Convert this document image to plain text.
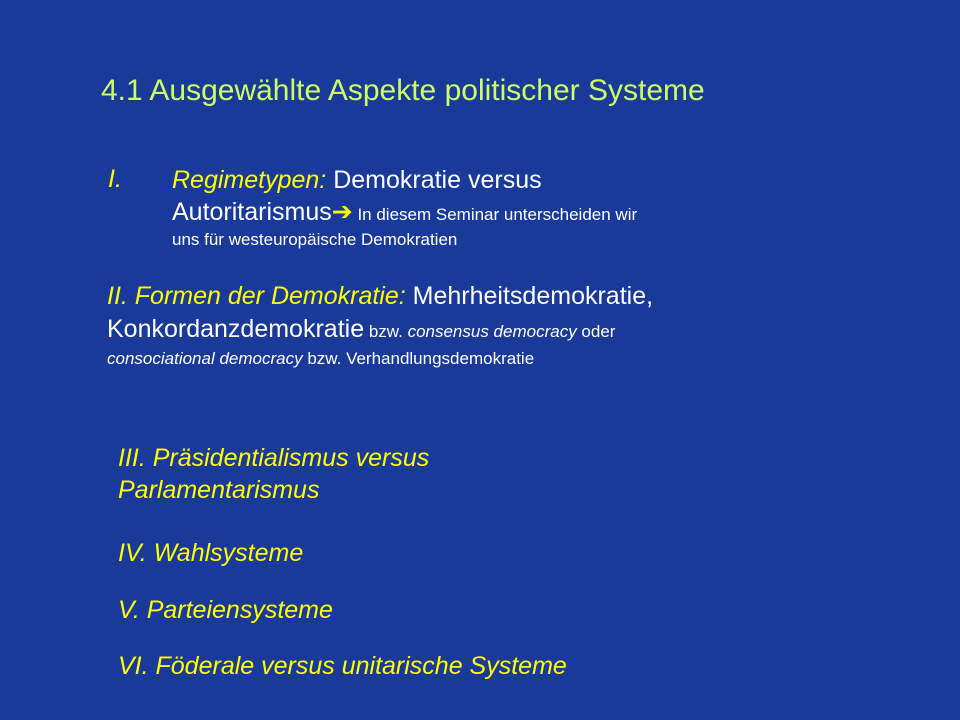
4.1 Ausgewählte Aspekte politischer Systeme
I. Regimetypen: Demokratie versus
Autoritarismus➔ In diesem Seminar unterscheiden wir
uns für westeuropäische Demokratien
II. Formen der Demokratie: Mehrheitsdemokratie,
Konkordanzdemokratie bzw. consensus democracy oder
consociational democracy bzw. Verhandlungsdemokratie
III. Präsidentialismus versus
Parlamentarismus
IV. Wahlsysteme
V. Parteiensysteme
VI. Föderale versus unitarische Systeme
